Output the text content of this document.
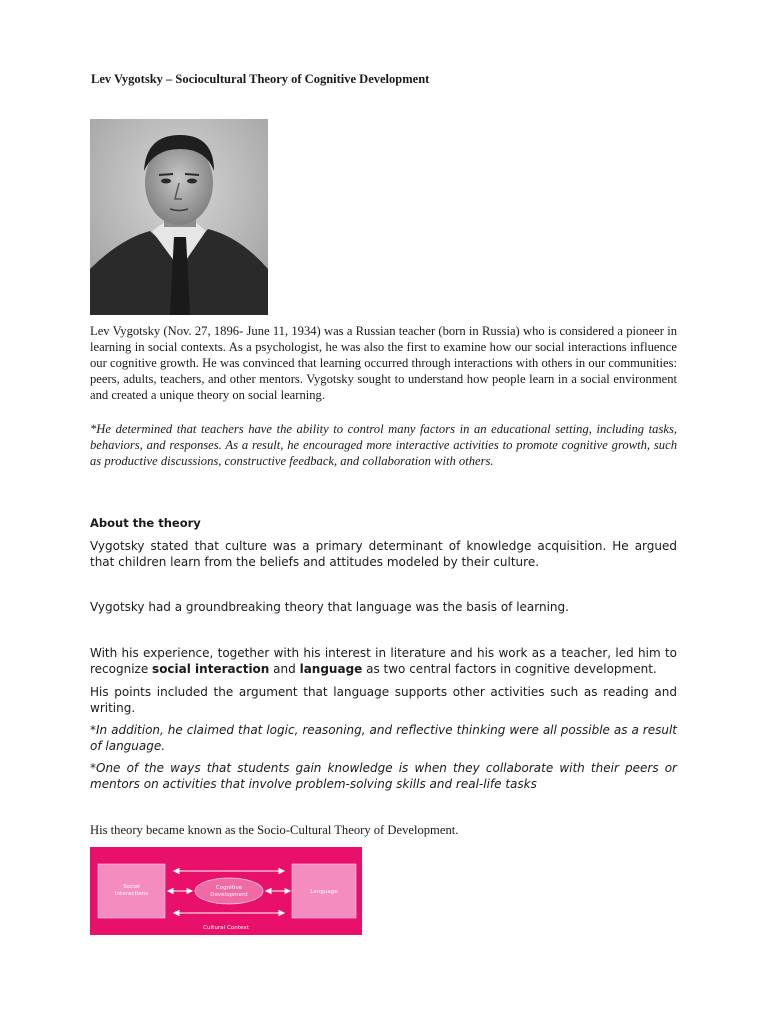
Lev Vygotsky – Sociocultural Theory of Cognitive Development

Lev Vygotsky (Nov. 27, 1896- June 11, 1934) was a Russian teacher (born in Russia) who is considered a pioneer in learning in social contexts. As a psychologist, he was also the first to examine how our social interactions influence our cognitive growth. He was convinced that learning occurred through interactions with others in our communities: peers, adults, teachers, and other mentors. Vygotsky sought to understand how people learn in a social environment and created a unique theory on social learning.

*He determined that teachers have the ability to control many factors in an educational setting, including tasks, behaviors, and responses. As a result, he encouraged more interactive activities to promote cognitive growth, such as productive discussions, constructive feedback, and collaboration with others.

About the theory

Vygotsky stated that culture was a primary determinant of knowledge acquisition. He argued that children learn from the beliefs and attitudes modeled by their culture.

Vygotsky had a groundbreaking theory that language was the basis of learning.

With his experience, together with his interest in literature and his work as a teacher, led him to recognize social interaction and language as two central factors in cognitive development.

His points included the argument that language supports other activities such as reading and writing.

*In addition, he claimed that logic, reasoning, and reflective thinking were all possible as a result of language.

*One of the ways that students gain knowledge is when they collaborate with their peers or mentors on activities that involve problem-solving skills and real-life tasks

His theory became known as the Socio-Cultural Theory of Development.

Social
Interactions
Cognitive
Development	Language
Cultural Context
